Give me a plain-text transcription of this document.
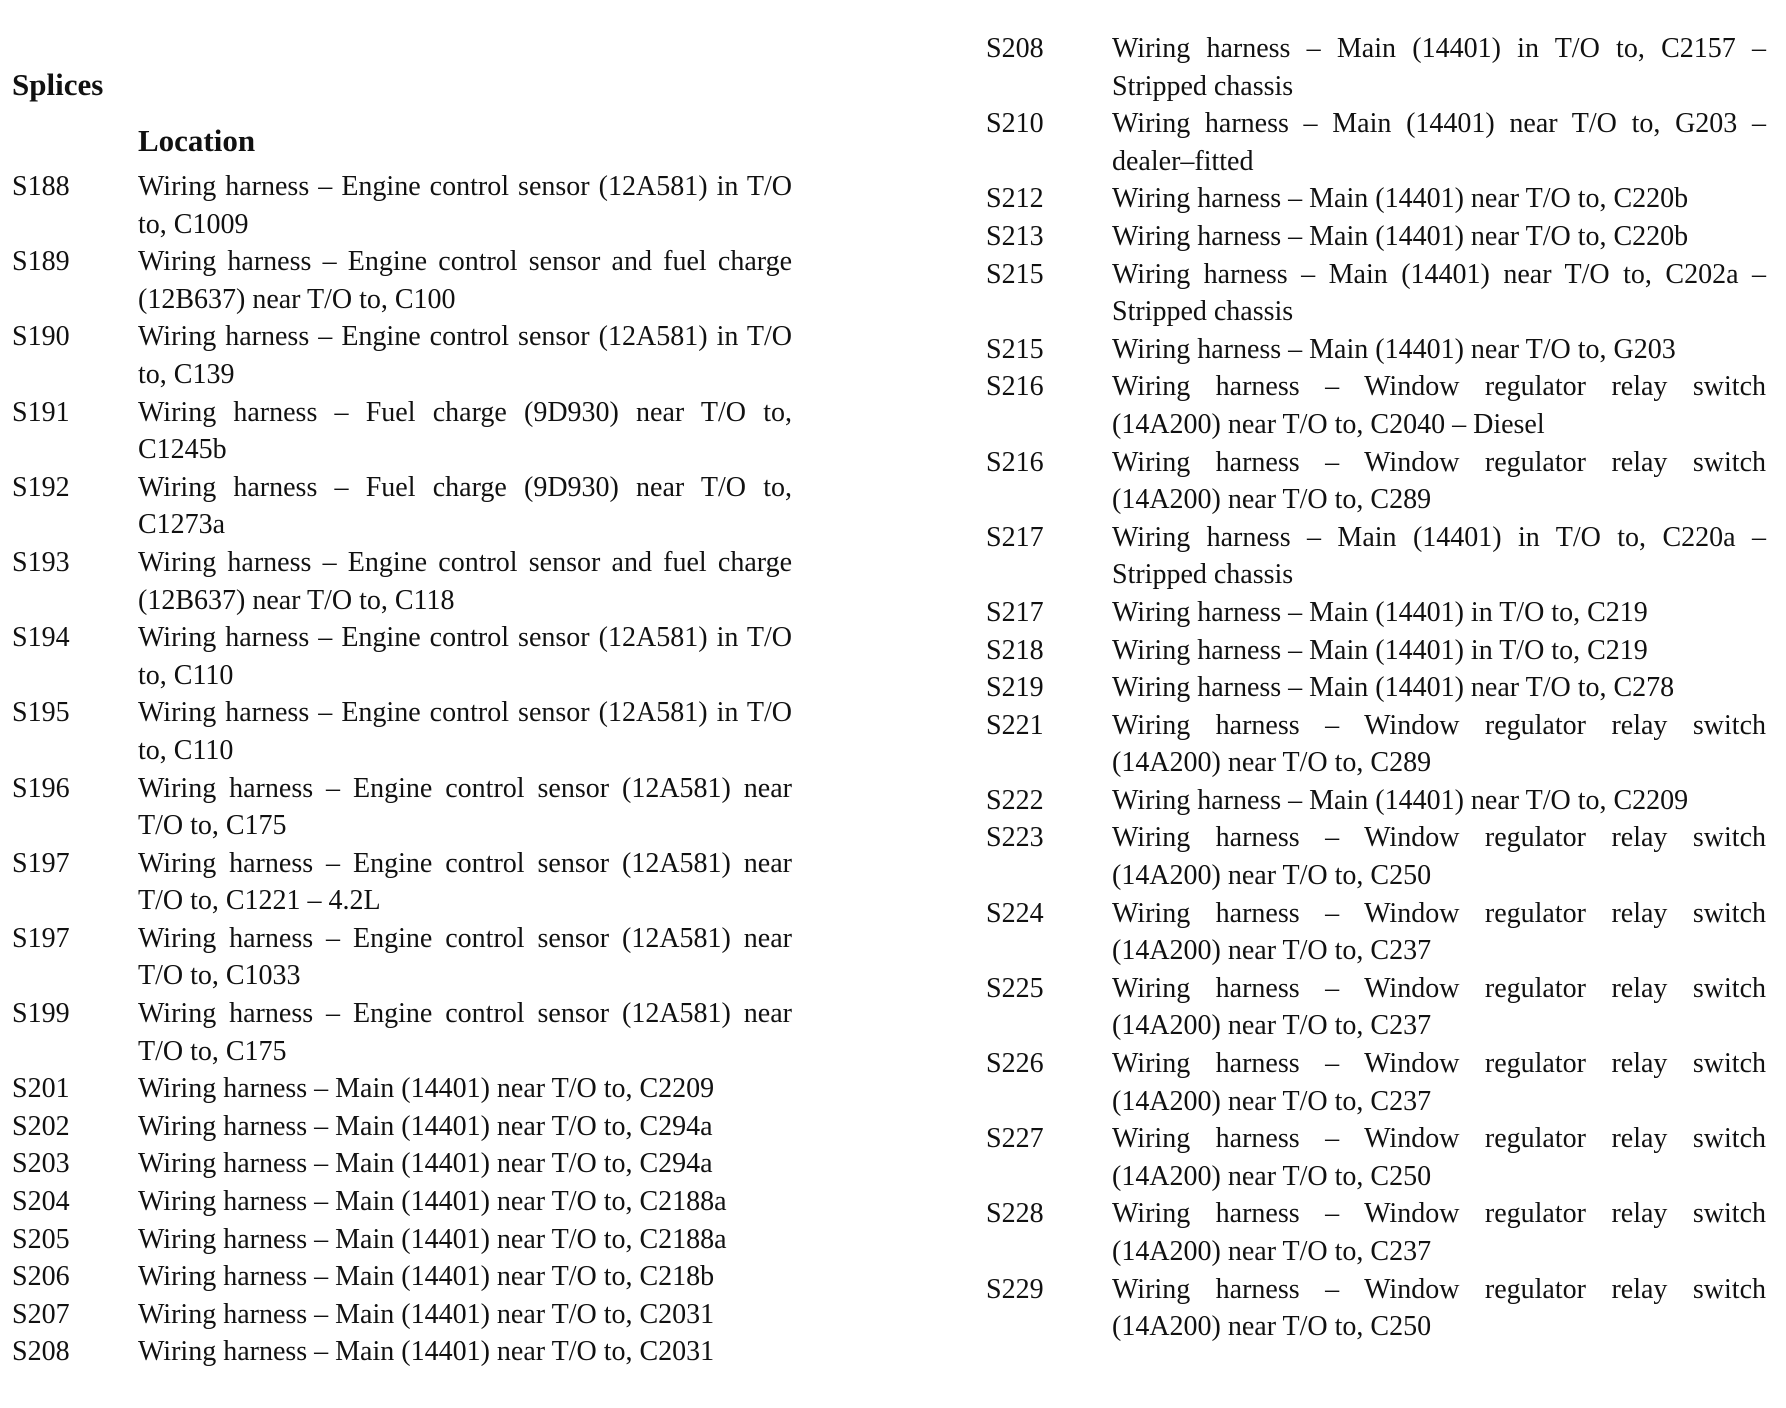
Splices
Location
S188	Wiring harness – Engine control sensor (12A581) in T/O to, C1009
S189	Wiring harness – Engine control sensor and fuel charge (12B637) near T/O to, C100
S190	Wiring harness – Engine control sensor (12A581) in T/O to, C139
S191	Wiring harness – Fuel charge (9D930) near T/O to, C1245b
S192	Wiring harness – Fuel charge (9D930) near T/O to, C1273a
S193	Wiring harness – Engine control sensor and fuel charge (12B637) near T/O to, C118
S194	Wiring harness – Engine control sensor (12A581) in T/O to, C110
S195	Wiring harness – Engine control sensor (12A581) in T/O to, C110
S196	Wiring harness – Engine control sensor (12A581) near T/O to, C175
S197	Wiring harness – Engine control sensor (12A581) near T/O to, C1221 – 4.2L
S197	Wiring harness – Engine control sensor (12A581) near T/O to, C1033
S199	Wiring harness – Engine control sensor (12A581) near T/O to, C175
S201	Wiring harness – Main (14401) near T/O to, C2209
S202	Wiring harness – Main (14401) near T/O to, C294a
S203	Wiring harness – Main (14401) near T/O to, C294a
S204	Wiring harness – Main (14401) near T/O to, C2188a
S205	Wiring harness – Main (14401) near T/O to, C2188a
S206	Wiring harness – Main (14401) near T/O to, C218b
S207	Wiring harness – Main (14401) near T/O to, C2031
S208	Wiring harness – Main (14401) near T/O to, C2031
S208	Wiring harness – Main (14401) in T/O to, C2157 – Stripped chassis
S210	Wiring harness – Main (14401) near T/O to, G203 – dealer–fitted
S212	Wiring harness – Main (14401) near T/O to, C220b
S213	Wiring harness – Main (14401) near T/O to, C220b
S215	Wiring harness – Main (14401) near T/O to, C202a – Stripped chassis
S215	Wiring harness – Main (14401) near T/O to, G203
S216	Wiring harness – Window regulator relay switch (14A200) near T/O to, C2040 – Diesel
S216	Wiring harness – Window regulator relay switch (14A200) near T/O to, C289
S217	Wiring harness – Main (14401) in T/O to, C220a – Stripped chassis
S217	Wiring harness – Main (14401) in T/O to, C219
S218	Wiring harness – Main (14401) in T/O to, C219
S219	Wiring harness – Main (14401) near T/O to, C278
S221	Wiring harness – Window regulator relay switch (14A200) near T/O to, C289
S222	Wiring harness – Main (14401) near T/O to, C2209
S223	Wiring harness – Window regulator relay switch (14A200) near T/O to, C250
S224	Wiring harness – Window regulator relay switch (14A200) near T/O to, C237
S225	Wiring harness – Window regulator relay switch (14A200) near T/O to, C237
S226	Wiring harness – Window regulator relay switch (14A200) near T/O to, C237
S227	Wiring harness – Window regulator relay switch (14A200) near T/O to, C250
S228	Wiring harness – Window regulator relay switch (14A200) near T/O to, C237
S229	Wiring harness – Window regulator relay switch (14A200) near T/O to, C250
